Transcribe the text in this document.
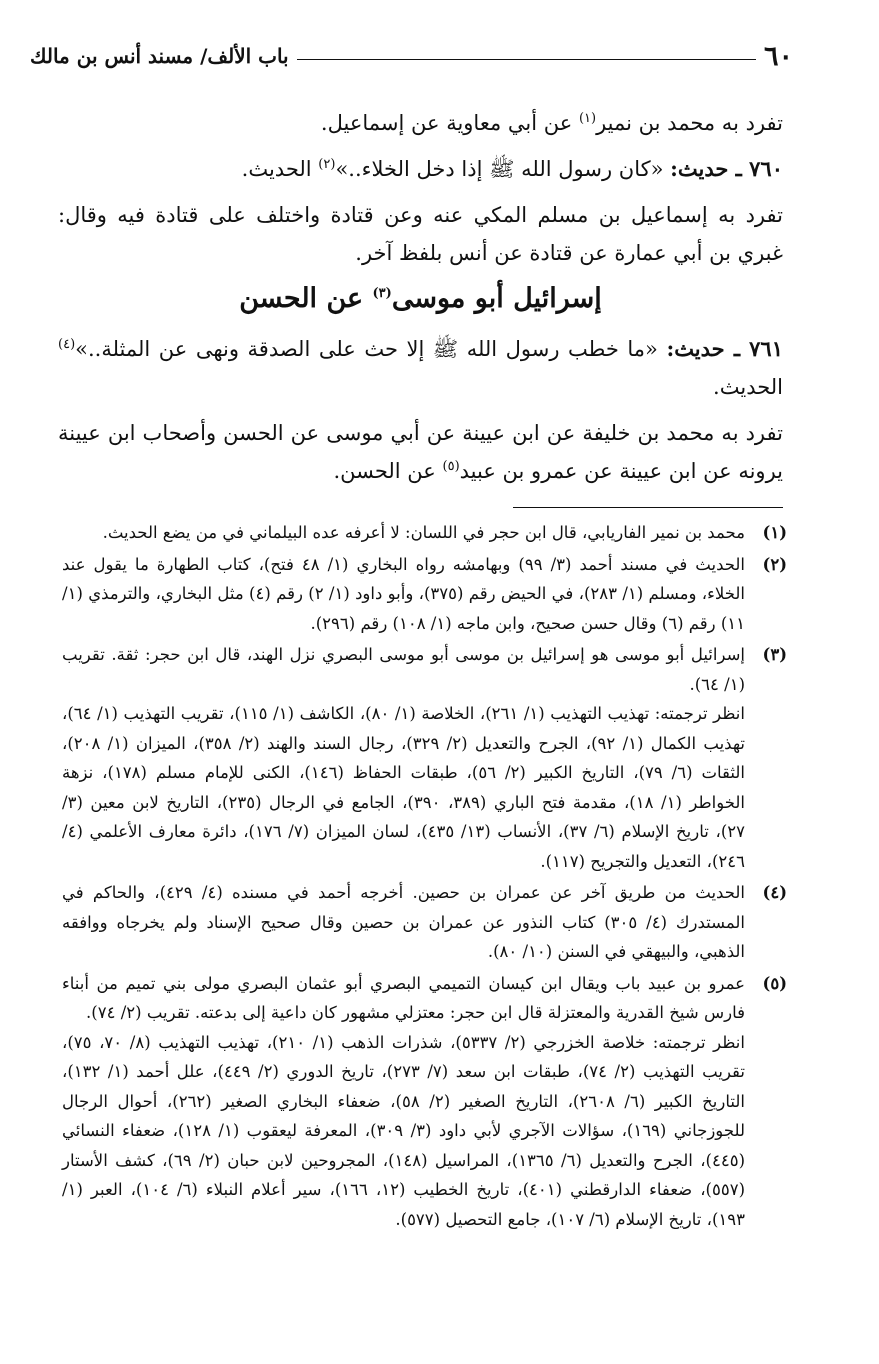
٦٠
باب الألف/ مسند أنس بن مالك

تفرد به محمد بن نمير$^{(١)}$ عن أبي معاوية عن إسماعيل.

٧٦٠ ـ حديث: «كان رسول الله ﷺ إذا دخل الخلاء..»$^{(٢)}$ الحديث.

تفرد به إسماعيل بن مسلم المكي عنه وعن قتادة واختلف على قتادة فيه وقال: غبري بن أبي عمارة عن قتادة عن أنس بلفظ آخر.

إسرائيل أبو موسى$^{(٣)}$ عن الحسن

٧٦١ ـ حديث: «ما خطب رسول الله ﷺ إلا حث على الصدقة ونهى عن المثلة..»$^{(٤)}$ الحديث.

تفرد به محمد بن خليفة عن ابن عيينة عن أبي موسى عن الحسن وأصحاب ابن عيينة يرونه عن ابن عيينة عن عمرو بن عبيد$^{(٥)}$ عن الحسن.

(١)

محمد بن نمير الفاريابي، قال ابن حجر في اللسان: لا أعرفه عده البيلماني في من يضع الحديث.

(٢)

الحديث في مسند أحمد (٣/ ٩٩) وبهامشه رواه البخاري (١/ ٤٨ فتح)، كتاب الطهارة ما يقول عند الخلاء، ومسلم (١/ ٢٨٣)، في الحيض رقم (٣٧٥)، وأبو داود (١/ ٢) رقم (٤) مثل البخاري، والترمذي (١/ ١١) رقم (٦) وقال حسن صحيح، وابن ماجه (١/ ١٠٨) رقم (٢٩٦).

(٣)

إسرائيل أبو موسى هو إسرائيل بن موسى أبو موسى البصري نزل الهند، قال ابن حجر: ثقة. تقريب (١/ ٦٤).

انظر ترجمته: تهذيب التهذيب (١/ ٢٦١)، الخلاصة (١/ ٨٠)، الكاشف (١/ ١١٥)، تقريب التهذيب (١/ ٦٤)، تهذيب الكمال (١/ ٩٢)، الجرح والتعديل (٢/ ٣٢٩)، رجال السند والهند (٢/ ٣٥٨)، الميزان (١/ ٢٠٨)، الثقات (٦/ ٧٩)، التاريخ الكبير (٢/ ٥٦)، طبقات الحفاظ (١٤٦)، الكنى للإمام مسلم (١٧٨)، نزهة الخواطر (١/ ١٨)، مقدمة فتح الباري (٣٨٩، ٣٩٠)، الجامع في الرجال (٢٣٥)، التاريخ لابن معين (٣/ ٢٧)، تاريخ الإسلام (٦/ ٣٧)، الأنساب (١٣/ ٤٣٥)، لسان الميزان (٧/ ١٧٦)، دائرة معارف الأعلمي (٤/ ٢٤٦)، التعديل والتجريح (١١٧).

(٤)

الحديث من طريق آخر عن عمران بن حصين. أخرجه أحمد في مسنده (٤/ ٤٢٩)، والحاكم في المستدرك (٤/ ٣٠٥) كتاب النذور عن عمران بن حصين وقال صحيح الإسناد ولم يخرجاه ووافقه الذهبي، والبيهقي في السنن (١٠/ ٨٠).

(٥)

عمرو بن عبيد باب ويقال ابن كيسان التميمي البصري أبو عثمان البصري مولى بني تميم من أبناء فارس شيخ القدرية والمعتزلة قال ابن حجر: معتزلي مشهور كان داعية إلى بدعته. تقريب (٢/ ٧٤).

انظر ترجمته: خلاصة الخزرجي (٢/ ٥٣٣٧)، شذرات الذهب (١/ ٢١٠)، تهذيب التهذيب (٨/ ٧٠، ٧٥)، تقريب التهذيب (٢/ ٧٤)، طبقات ابن سعد (٧/ ٢٧٣)، تاريخ الدوري (٢/ ٤٤٩)، علل أحمد (١/ ١٣٢)، التاريخ الكبير (٦/ ٢٦٠٨)، التاريخ الصغير (٢/ ٥٨)، ضعفاء البخاري الصغير (٢٦٢)، أحوال الرجال للجوزجاني (١٦٩)، سؤالات الآجري لأبي داود (٣/ ٣٠٩)، المعرفة ليعقوب (١/ ١٢٨)، ضعفاء النسائي (٤٤٥)، الجرح والتعديل (٦/ ١٣٦٥)، المراسيل (١٤٨)، المجروحين لابن حبان (٢/ ٦٩)، كشف الأستار (٥٥٧)، ضعفاء الدارقطني (٤٠١)، تاريخ الخطيب (١٢، ١٦٦)، سير أعلام النبلاء (٦/ ١٠٤)، العبر (١/ ١٩٣)، تاريخ الإسلام (٦/ ١٠٧)، جامع التحصيل (٥٧٧).
